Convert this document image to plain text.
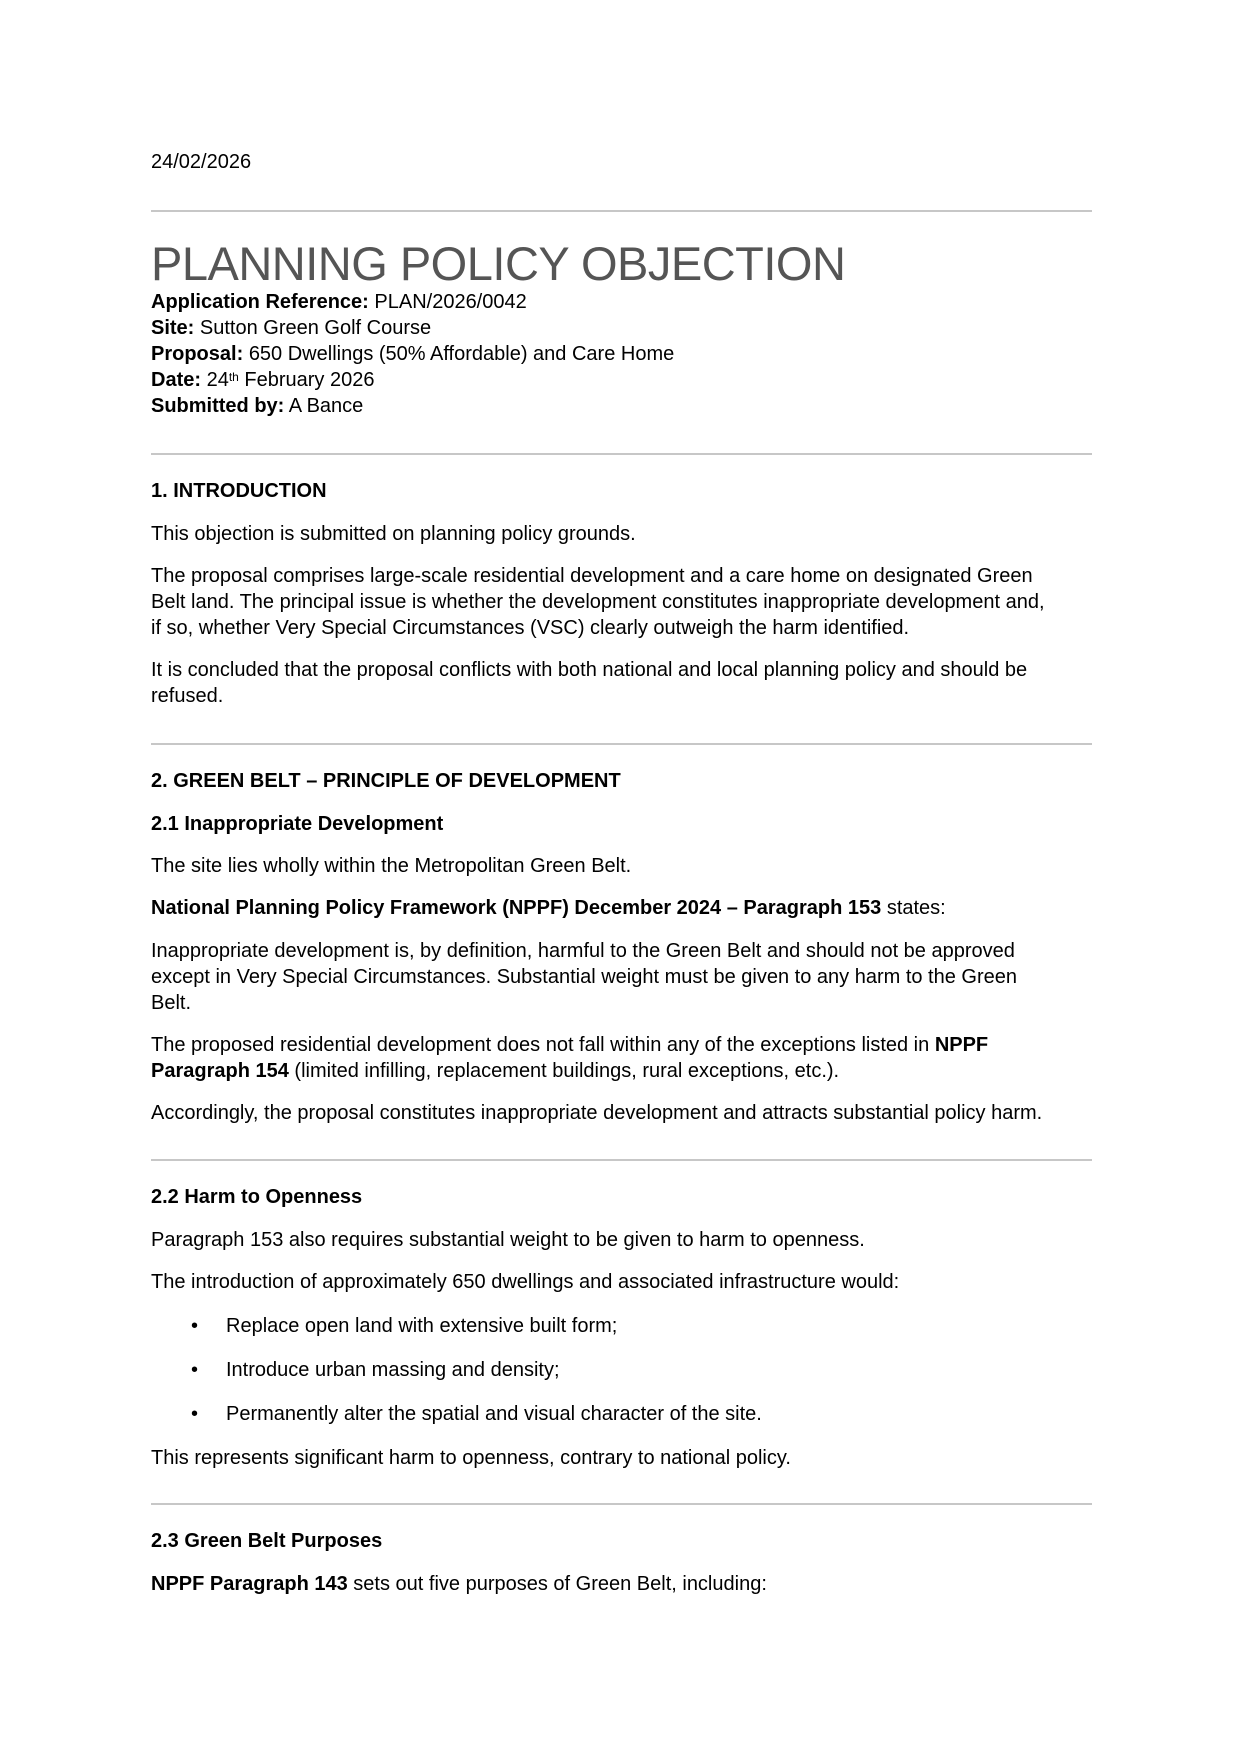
24/02/2026
PLANNING POLICY OBJECTION
Application Reference: PLAN/2026/0042
Site: Sutton Green Golf Course
Proposal: 650 Dwellings (50% Affordable) and Care Home
Date: 24th February 2026
Submitted by: A Bance
1. INTRODUCTION
This objection is submitted on planning policy grounds.
The proposal comprises large-scale residential development and a care home on designated Green
Belt land. The principal issue is whether the development constitutes inappropriate development and,
if so, whether Very Special Circumstances (VSC) clearly outweigh the harm identified.
It is concluded that the proposal conflicts with both national and local planning policy and should be
refused.
2. GREEN BELT – PRINCIPLE OF DEVELOPMENT
2.1 Inappropriate Development
The site lies wholly within the Metropolitan Green Belt.
National Planning Policy Framework (NPPF) December 2024 – Paragraph 153 states:
Inappropriate development is, by definition, harmful to the Green Belt and should not be approved
except in Very Special Circumstances. Substantial weight must be given to any harm to the Green
Belt.
The proposed residential development does not fall within any of the exceptions listed in NPPF
Paragraph 154 (limited infilling, replacement buildings, rural exceptions, etc.).
Accordingly, the proposal constitutes inappropriate development and attracts substantial policy harm.
2.2 Harm to Openness
Paragraph 153 also requires substantial weight to be given to harm to openness.
The introduction of approximately 650 dwellings and associated infrastructure would:
• Replace open land with extensive built form;
• Introduce urban massing and density;
• Permanently alter the spatial and visual character of the site.
This represents significant harm to openness, contrary to national policy.
2.3 Green Belt Purposes
NPPF Paragraph 143 sets out five purposes of Green Belt, including:
